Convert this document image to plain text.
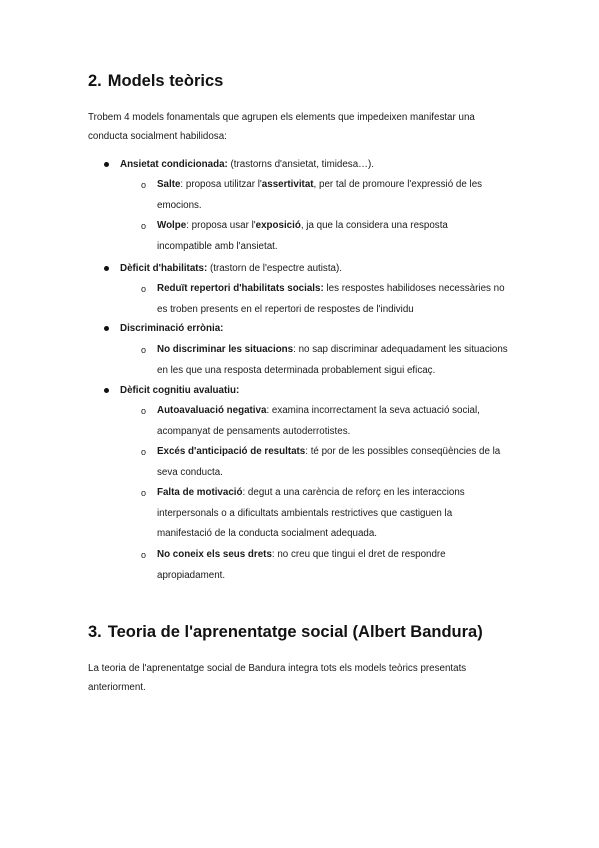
2. Models teòrics

Trobem 4 models fonamentals que agrupen els elements que impedeixen manifestar una
conducta socialment habilidosa:

Ansietat condicionada: (trastorns d'ansietat, timidesa…).

o Salte: proposa utilitzar l'assertivitat, per tal de promoure l'expressió de les
emocions.

o Wolpe: proposa usar l'exposició, ja que la considera una resposta
incompatible amb l'ansietat.

Dèficit d'habilitats: (trastorn de l'espectre autista).

o Reduït repertori d'habilitats socials: les respostes habilidoses necessàries no
es troben presents en el repertori de respostes de l'individu

Discriminació errònia:

o No discriminar les situacions: no sap discriminar adequadament les situacions
en les que una resposta determinada probablement sigui eficaç.

Dèficit cognitiu avaluatiu:

o Autoavaluació negativa: examina incorrectament la seva actuació social,
acompanyat de pensaments autoderrotistes.

o Excés d'anticipació de resultats: té por de les possibles conseqüències de la
seva conducta.

o Falta de motivació: degut a una carència de reforç en les interaccions
interpersonals o a dificultats ambientals restrictives que castiguen la
manifestació de la conducta socialment adequada.

o No coneix els seus drets: no creu que tingui el dret de respondre
apropiadament.

3. Teoria de l'aprenentatge social (Albert Bandura)

La teoria de l'aprenentatge social de Bandura integra tots els models teòrics presentats
anteriorment.
